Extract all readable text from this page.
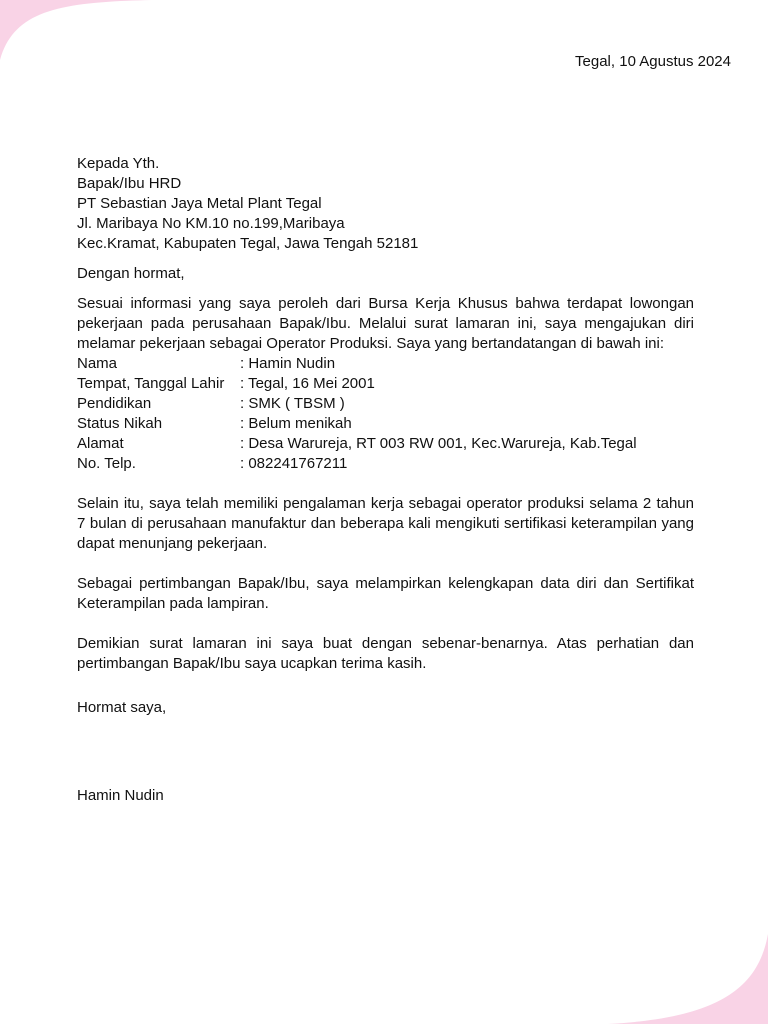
Tegal, 10 Agustus 2024
Kepada Yth.
Bapak/Ibu HRD
PT Sebastian Jaya Metal Plant Tegal
Jl. Maribaya No KM.10 no.199,Maribaya
Kec.Kramat, Kabupaten Tegal, Jawa Tengah 52181
Dengan hormat,

Sesuai informasi yang saya peroleh dari Bursa Kerja Khusus bahwa terdapat lowongan pekerjaan pada perusahaan Bapak/Ibu. Melalui surat lamaran ini, saya mengajukan diri melamar pekerjaan sebagai Operator Produksi. Saya yang bertandatangan di bawah ini:

Nama	: Hamin Nudin
Tempat, Tanggal Lahir	: Tegal, 16 Mei 2001
Pendidikan	: SMK ( TBSM )
Status Nikah	: Belum menikah
Alamat	: Desa Warureja, RT 003 RW 001, Kec.Warureja, Kab.Tegal
No. Telp.	: 082241767211

Selain itu, saya telah memiliki pengalaman kerja sebagai operator produksi selama 2 tahun 7 bulan di perusahaan manufaktur dan beberapa kali mengikuti sertifikasi keterampilan yang dapat menunjang pekerjaan.

Sebagai pertimbangan Bapak/Ibu, saya melampirkan kelengkapan data diri dan Sertifikat Keterampilan pada lampiran.

Demikian surat lamaran ini saya buat dengan sebenar-benarnya. Atas perhatian dan pertimbangan Bapak/Ibu saya ucapkan terima kasih.

Hormat saya,
Hamin Nudin
